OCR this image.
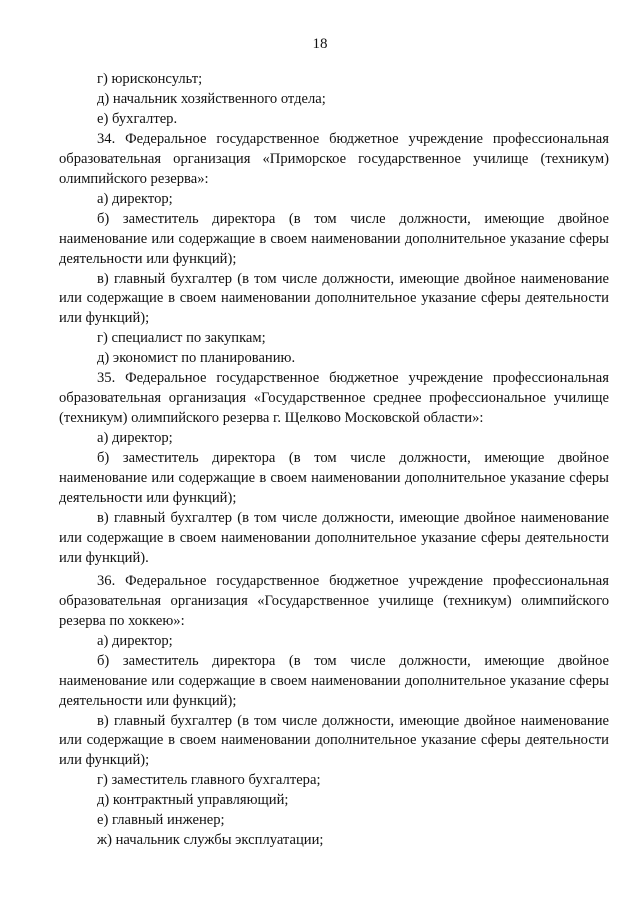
18

г) юрисконсульт;

д) начальник хозяйственного отдела;

е) бухгалтер.

34. Федеральное государственное бюджетное учреждение профессиональная образовательная организация «Приморское государственное училище (техникум) олимпийского резерва»:

а) директор;

б) заместитель директора (в том числе должности, имеющие двойное наименование или содержащие в своем наименовании дополнительное указание сферы деятельности или функций);

в) главный бухгалтер (в том числе должности, имеющие двойное наименование или содержащие в своем наименовании дополнительное указание сферы деятельности или функций);

г) специалист по закупкам;

д) экономист по планированию.

35. Федеральное государственное бюджетное учреждение профессиональная образовательная организация «Государственное среднее профессиональное училище (техникум) олимпийского резерва г. Щелково Московской области»:

а) директор;

б) заместитель директора (в том числе должности, имеющие двойное наименование или содержащие в своем наименовании дополнительное указание сферы деятельности или функций);

в) главный бухгалтер (в том числе должности, имеющие двойное наименование или содержащие в своем наименовании дополнительное указание сферы деятельности или функций).

36. Федеральное государственное бюджетное учреждение профессиональная образовательная организация «Государственное училище (техникум) олимпийского резерва по хоккею»:

а) директор;

б) заместитель директора (в том числе должности, имеющие двойное наименование или содержащие в своем наименовании дополнительное указание сферы деятельности или функций);

в) главный бухгалтер (в том числе должности, имеющие двойное наименование или содержащие в своем наименовании дополнительное указание сферы деятельности или функций);

г) заместитель главного бухгалтера;

д) контрактный управляющий;

е) главный инженер;

ж) начальник службы эксплуатации;
